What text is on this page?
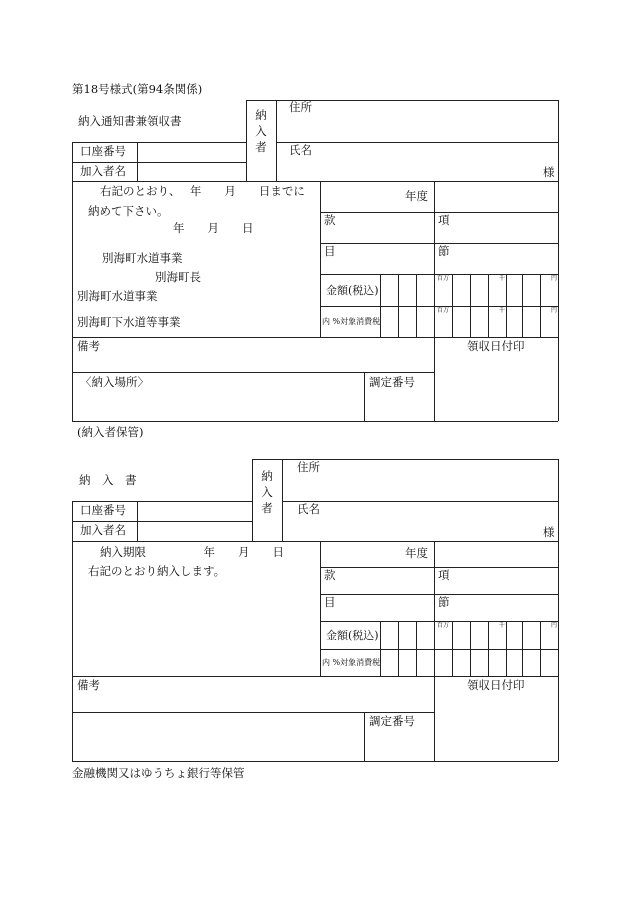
第18号様式(第94条関係)
納入通知書兼領収書	納
入
者
住所
氏名
様
口座番号
加入者名
右記のとおり、　 年　　月　　日までに
納めて下さい。
年　　月　　日
別海町水道事業
別海町長
別海町水道事業
別海町下水道等事業
年度
款	項
目	節
金額(税込)
内 %対象消費税
百万	千	円
百万	千	円
備考	領収日付印
〈納入場所〉	調定番号
(納入者保管)
納　入　書	納
入
者
住所
氏名
様
口座番号
加入者名
納入期限　　　　　年　　月　　日
右記のとおり納入します。
年度
款	項
目	節
金額(税込)
内 %対象消費税
百万	千	円
備考	領収日付印
調定番号
金融機関又はゆうちょ銀行等保管
